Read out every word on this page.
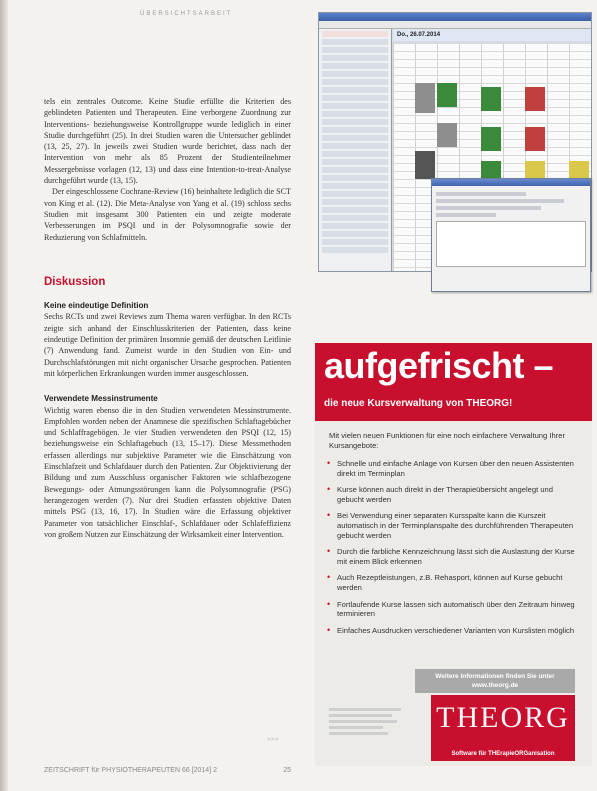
ÜBERSICHTSARBEIT

tels ein zentrales Outcome. Keine Studie erfüllte die Kriterien des geblindeten Patienten und Therapeuten. Eine verborgene Zuordnung zur Interventions- beziehungsweise Kontrollgruppe wurde lediglich in einer Studie durchgeführt (25). In drei Studien waren die Untersucher geblindet (13, 25, 27). In jeweils zwei Studien wurde berichtet, dass nach der Intervention von mehr als 85 Prozent der Studienteilnehmer Messergebnisse vorlagen (12, 13) und dass eine Intention-to-treat-Analyse durchgeführt wurde (13, 15).

Der eingeschlossene Cochrane-Review (16) beinhaltete lediglich die SCT von King et al. (12). Die Meta-Analyse von Yang et al. (19) schloss sechs Studien mit insgesamt 300 Patienten ein und zeigte moderate Verbesserungen im PSQI und in der Polysomnografie sowie der Reduzierung von Schlafmitteln.

Diskussion
Keine eindeutige Definition

Sechs RCTs und zwei Reviews zum Thema waren verfügbar. In den RCTs zeigte sich anhand der Einschlusskriterien der Patienten, dass keine eindeutige Definition der primären Insomnie gemäß der deutschen Leitlinie (7) Anwendung fand. Zumeist wurde in den Studien von Ein- und Durchschlafstörungen mit nicht organischer Ursache gesprochen. Patienten mit körperlichen Erkrankungen wurden immer ausgeschlossen.

Verwendete Messinstrumente

Wichtig waren ebenso die in den Studien verwendeten Messinstrumente. Empfohlen worden neben der Anamnese die spezifischen Schlaftagebücher und Schlaffragebögen. Je vier Studien verwendeten den PSQI (12, 15) beziehungsweise ein Schlaftagebuch (13, 15–17). Diese Messmethoden erfassen allerdings nur subjektive Parameter wie die Einschätzung von Einschlafzeit und Schlafdauer durch den Patienten. Zur Objektivierung der Bildung und zum Ausschluss organischer Faktoren wie schlafbezogene Bewegungs- oder Atmungsstörungen kann die Polysomnografie (PSG) herangezogen werden (7). Nur drei Studien erfassten objektive Daten mittels PSG (13, 16, 17). In Studien wäre die Erfassung objektiver Parameter von tatsächlicher Einschlaf-, Schlafdauer oder Schlafeffizienz von großem Nutzen zur Einschätzung der Wirksamkeit einer Intervention.

»»»
ZEITSCHRIFT für PHYSIOTHERAPEUTEN 66 [2014] 2	25
Do., 26.07.2014
aufgefrischt –
die neue Kursverwaltung von THEORG!
Mit vielen neuen Funktionen für eine noch einfachere Verwaltung Ihrer Kursangebote:
• Schnelle und einfache Anlage von Kursen über den neuen Assistenten direkt im Terminplan
• Kurse können auch direkt in der Therapieübersicht angelegt und gebucht werden
• Bei Verwendung einer separaten Kursspalte kann die Kurszeit automatisch in der Terminplanspalte des durchführenden Therapeuten gebucht werden
• Durch die farbliche Kennzeichnung lässt sich die Auslastung der Kurse mit einem Blick erkennen
• Auch Rezeptleistungen, z.B. Rehasport, können auf Kurse gebucht werden
• Fortlaufende Kurse lassen sich automatisch über den Zeitraum hinweg terminieren
• Einfaches Ausdrucken verschiedener Varianten von Kurslisten möglich
Weitere Informationen finden Sie unter www.theorg.de
THEORG
Software für THErapieORGanisation
